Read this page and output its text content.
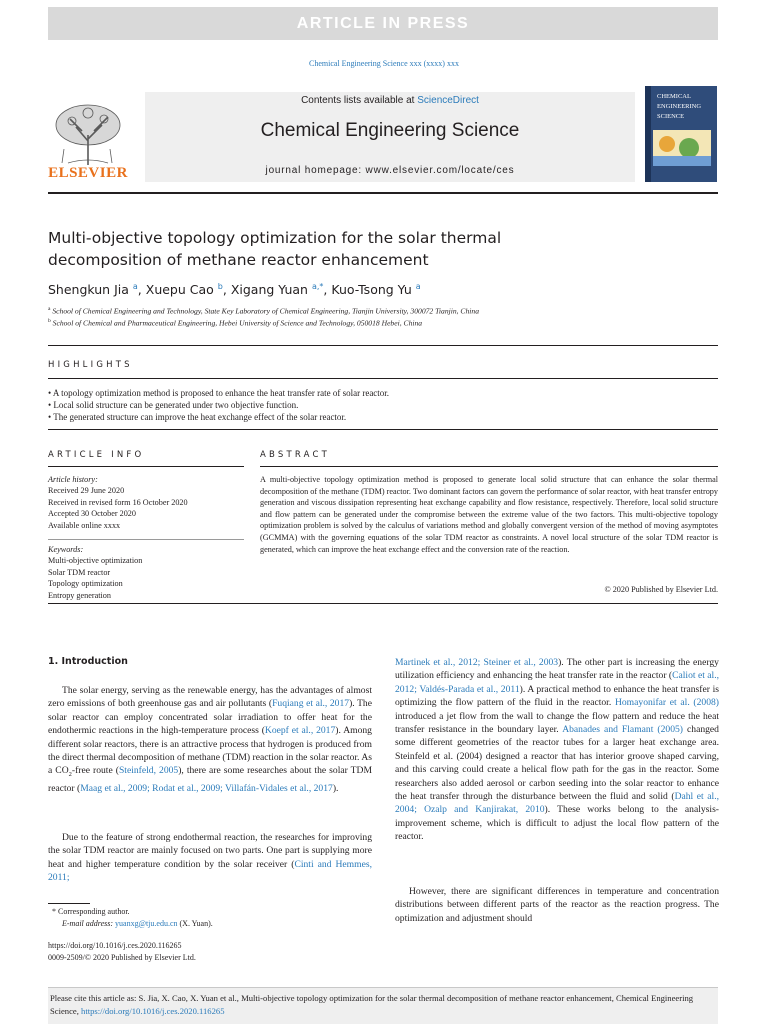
ARTICLE IN PRESS
Chemical Engineering Science xxx (xxxx) xxx
ELSEVIER
Contents lists available at ScienceDirect
Chemical Engineering Science
journal homepage: www.elsevier.com/locate/ces
CHEMICAL
ENGINEERING
SCIENCE
Multi-objective topology optimization for the solar thermal
decomposition of methane reactor enhancement
Shengkun Jia $^a$, Xuepu Cao $^b$, Xigang Yuan $^{a,*}$, Kuo-Tsong Yu $^a$
$^a$ School of Chemical Engineering and Technology, State Key Laboratory of Chemical Engineering, Tianjin University, 300072 Tianjin, China
$^b$ School of Chemical and Pharmaceutical Engineering, Hebei University of Science and Technology, 050018 Hebei, China
HIGHLIGHTS
• A topology optimization method is proposed to enhance the heat transfer rate of solar reactor.
• Local solid structure can be generated under two objective function.
• The generated structure can improve the heat exchange effect of the solar reactor.
ARTICLE INFO	ABSTRACT
Article history:
Received 29 June 2020
Received in revised form 16 October 2020
Accepted 30 October 2020
Available online xxxx
Keywords:
Multi-objective optimization
Solar TDM reactor
Topology optimization
Entropy generation
A multi-objective topology optimization method is proposed to generate local solid structure that can enhance the solar thermal decomposition of the methane (TDM) reactor. Two dominant factors can govern the performance of solar reactor, with heat transfer entropy generation and viscous dissipation representing heat exchange capability and flow resistance, respectively. Therefore, local solid structure and flow pattern can be generated under the compromise between the extreme value of the two factors. This multi-objective topology optimization problem is solved by the calculus of variations method and globally convergent version of the method of moving asymptotes (GCMMA) with the governing equations of the solar TDM reactor as constraints. A novel local structure of the solar TDM reactor is generated, which can improve the heat exchange effect and the conversion rate of the reaction.
© 2020 Published by Elsevier Ltd.
1. Introduction
The solar energy, serving as the renewable energy, has the advantages of almost zero emissions of both greenhouse gas and air pollutants (Fuqiang et al., 2017). The solar reactor can employ concentrated solar irradiation to offer heat for the endothermic reactions in the high-temperature process (Koepf et al., 2017). Among different solar reactors, there is an attractive process that hydrogen is produced from the direct thermal decomposition of methane (TDM) reaction in the solar reactor. As a $CO_2$-free route (Steinfeld, 2005), there are some researches about the solar TDM reactor (Maag et al., 2009; Rodat et al., 2009; Villafán-Vidales et al., 2017).
Due to the feature of strong endothermal reaction, the researches for improving the solar TDM reactor are mainly focused on two parts. One part is supplying more heat and higher temperature condition by the solar receiver (Cinti and Hemmes, 2011;
Martinek et al., 2012; Steiner et al., 2003). The other part is increasing the energy utilization efficiency and enhancing the heat transfer rate in the reactor (Caliot et al., 2012; Valdés-Parada et al., 2011). A practical method to enhance the heat transfer is optimizing the flow pattern of the fluid in the reactor. Homayonifar et al. (2008) introduced a jet flow from the wall to change the flow pattern and reduce the heat transfer resistance in the boundary layer. Abanades and Flamant (2005) changed some different geometries of the reactor tubes for a larger heat exchange area. Steinfeld et al. (2004) designed a reactor that has interior groove shaped carving, and this carving could create a helical flow path for the gas in the reactor. Some researchers also added aerosol or carbon seeding into the solar reactor to enhance the heat transfer through the disturbance between the fluid and solid (Dahl et al., 2004; Ozalp and Kanjirakat, 2010). These works belong to the analysis-improvement scheme, which is difficult to adjust the local flow pattern of the reactor.
However, there are significant differences in temperature and concentration distributions between different parts of the reactor as the reaction progress. The optimization and adjustment should
* Corresponding author.
E-mail address: yuanxg@tju.edu.cn (X. Yuan).
https://doi.org/10.1016/j.ces.2020.116265
0009-2509/© 2020 Published by Elsevier Ltd.
Please cite this article as: S. Jia, X. Cao, X. Yuan et al., Multi-objective topology optimization for the solar thermal decomposition of methane reactor enhancement, Chemical Engineering Science, https://doi.org/10.1016/j.ces.2020.116265
